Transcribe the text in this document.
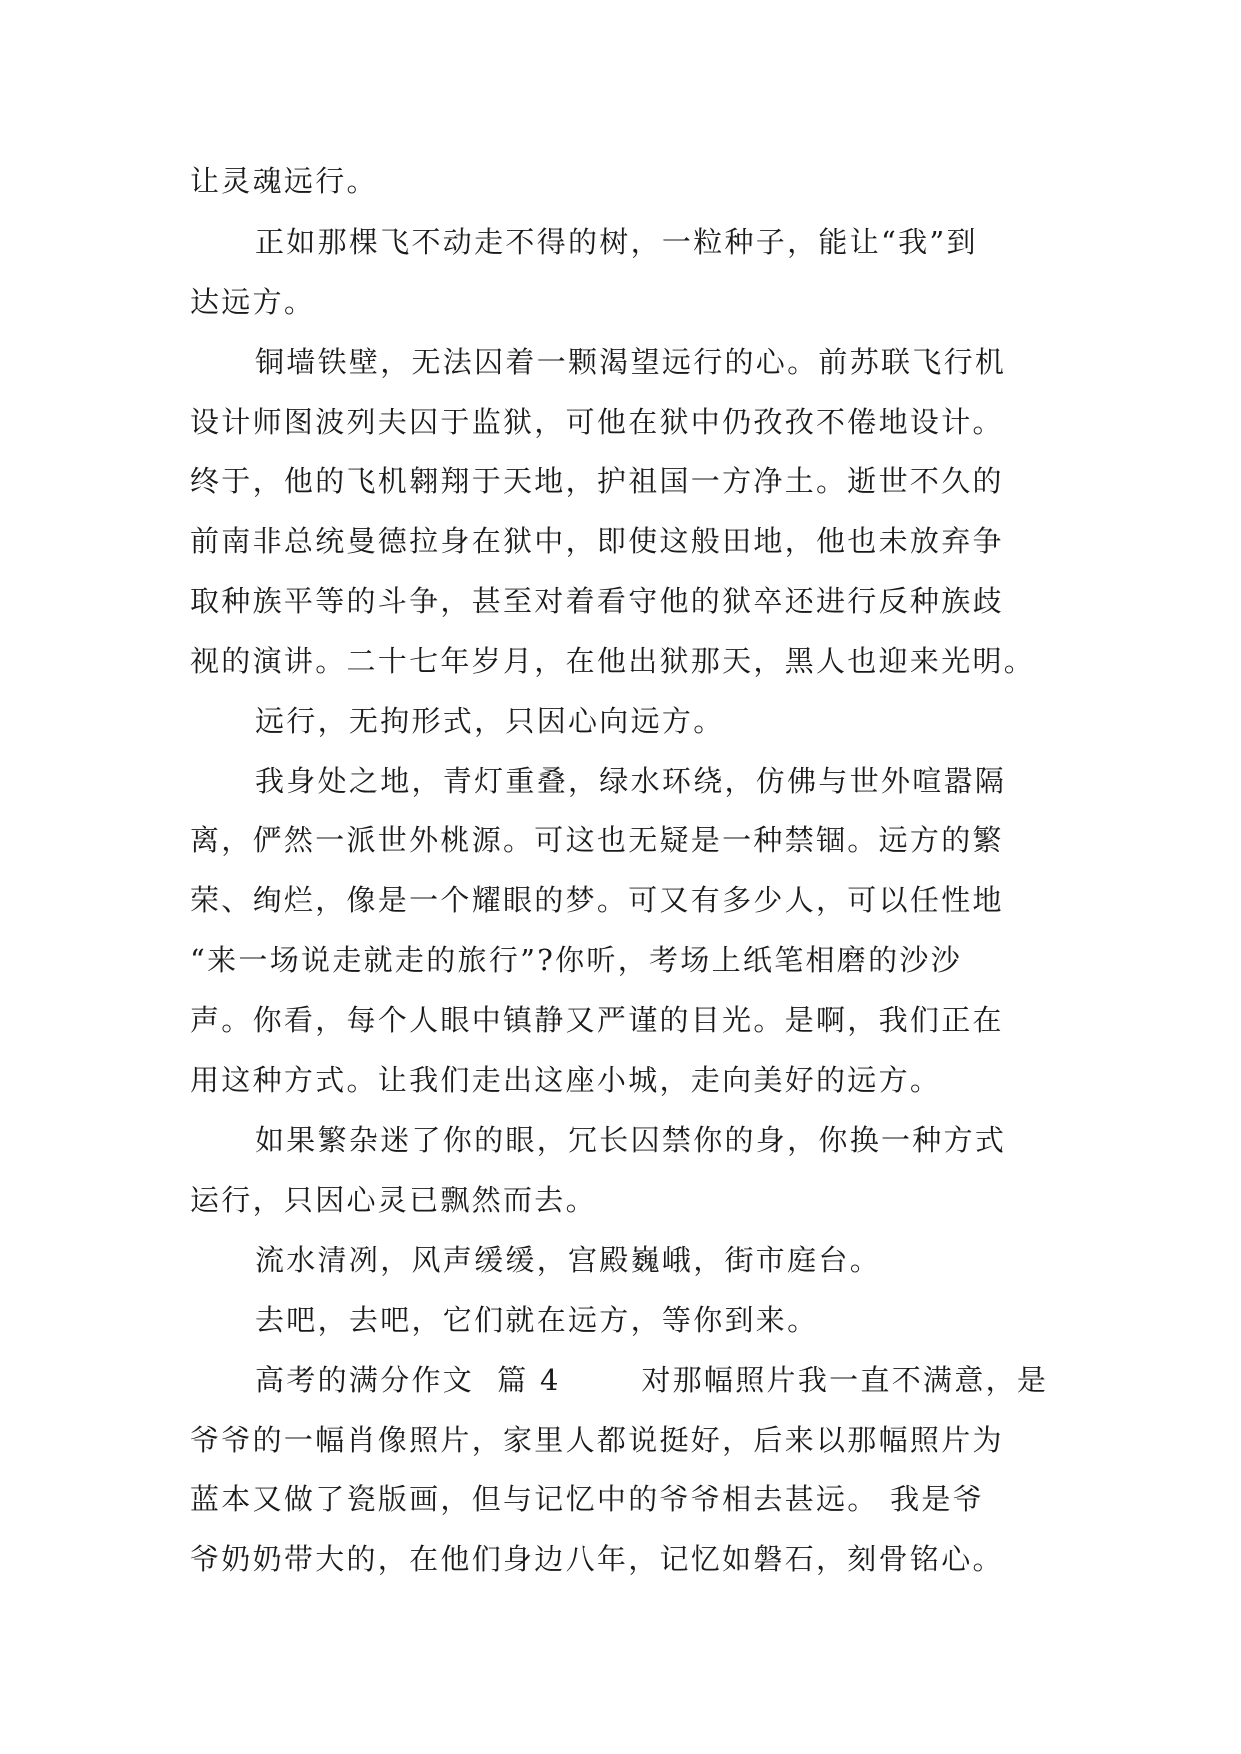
让灵魂远行。
正如那棵飞不动走不得的树，一粒种子，能让“我”到
达远方。
铜墙铁壁，无法囚着一颗渴望远行的心。前苏联飞行机
设计师图波列夫囚于监狱，可他在狱中仍孜孜不倦地设计。
终于，他的飞机翱翔于天地，护祖国一方净土。逝世不久的
前南非总统曼德拉身在狱中，即使这般田地，他也未放弃争
取种族平等的斗争，甚至对着看守他的狱卒还进行反种族歧
视的演讲。二十七年岁月，在他出狱那天，黑人也迎来光明。
远行，无拘形式，只因心向远方。
我身处之地，青灯重叠，绿水环绕，仿佛与世外喧嚣隔
离，俨然一派世外桃源。可这也无疑是一种禁锢。远方的繁
荣、绚烂，像是一个耀眼的梦。可又有多少人，可以任性地
“来一场说走就走的旅行”?你听，考场上纸笔相磨的沙沙
声。你看，每个人眼中镇静又严谨的目光。是啊，我们正在
用这种方式。让我们走出这座小城，走向美好的远方。
如果繁杂迷了你的眼，冗长囚禁你的身，你换一种方式
运行，只因心灵已飘然而去。
流水清冽，风声缓缓，宫殿巍峨，街市庭台。
去吧，去吧，它们就在远方，等你到来。
高考的满分作文  篇 4       对那幅照片我一直不满意，是
爷爷的一幅肖像照片，家里人都说挺好，后来以那幅照片为
蓝本又做了瓷版画，但与记忆中的爷爷相去甚远。 我是爷
爷奶奶带大的，在他们身边八年，记忆如磐石，刻骨铭心。
